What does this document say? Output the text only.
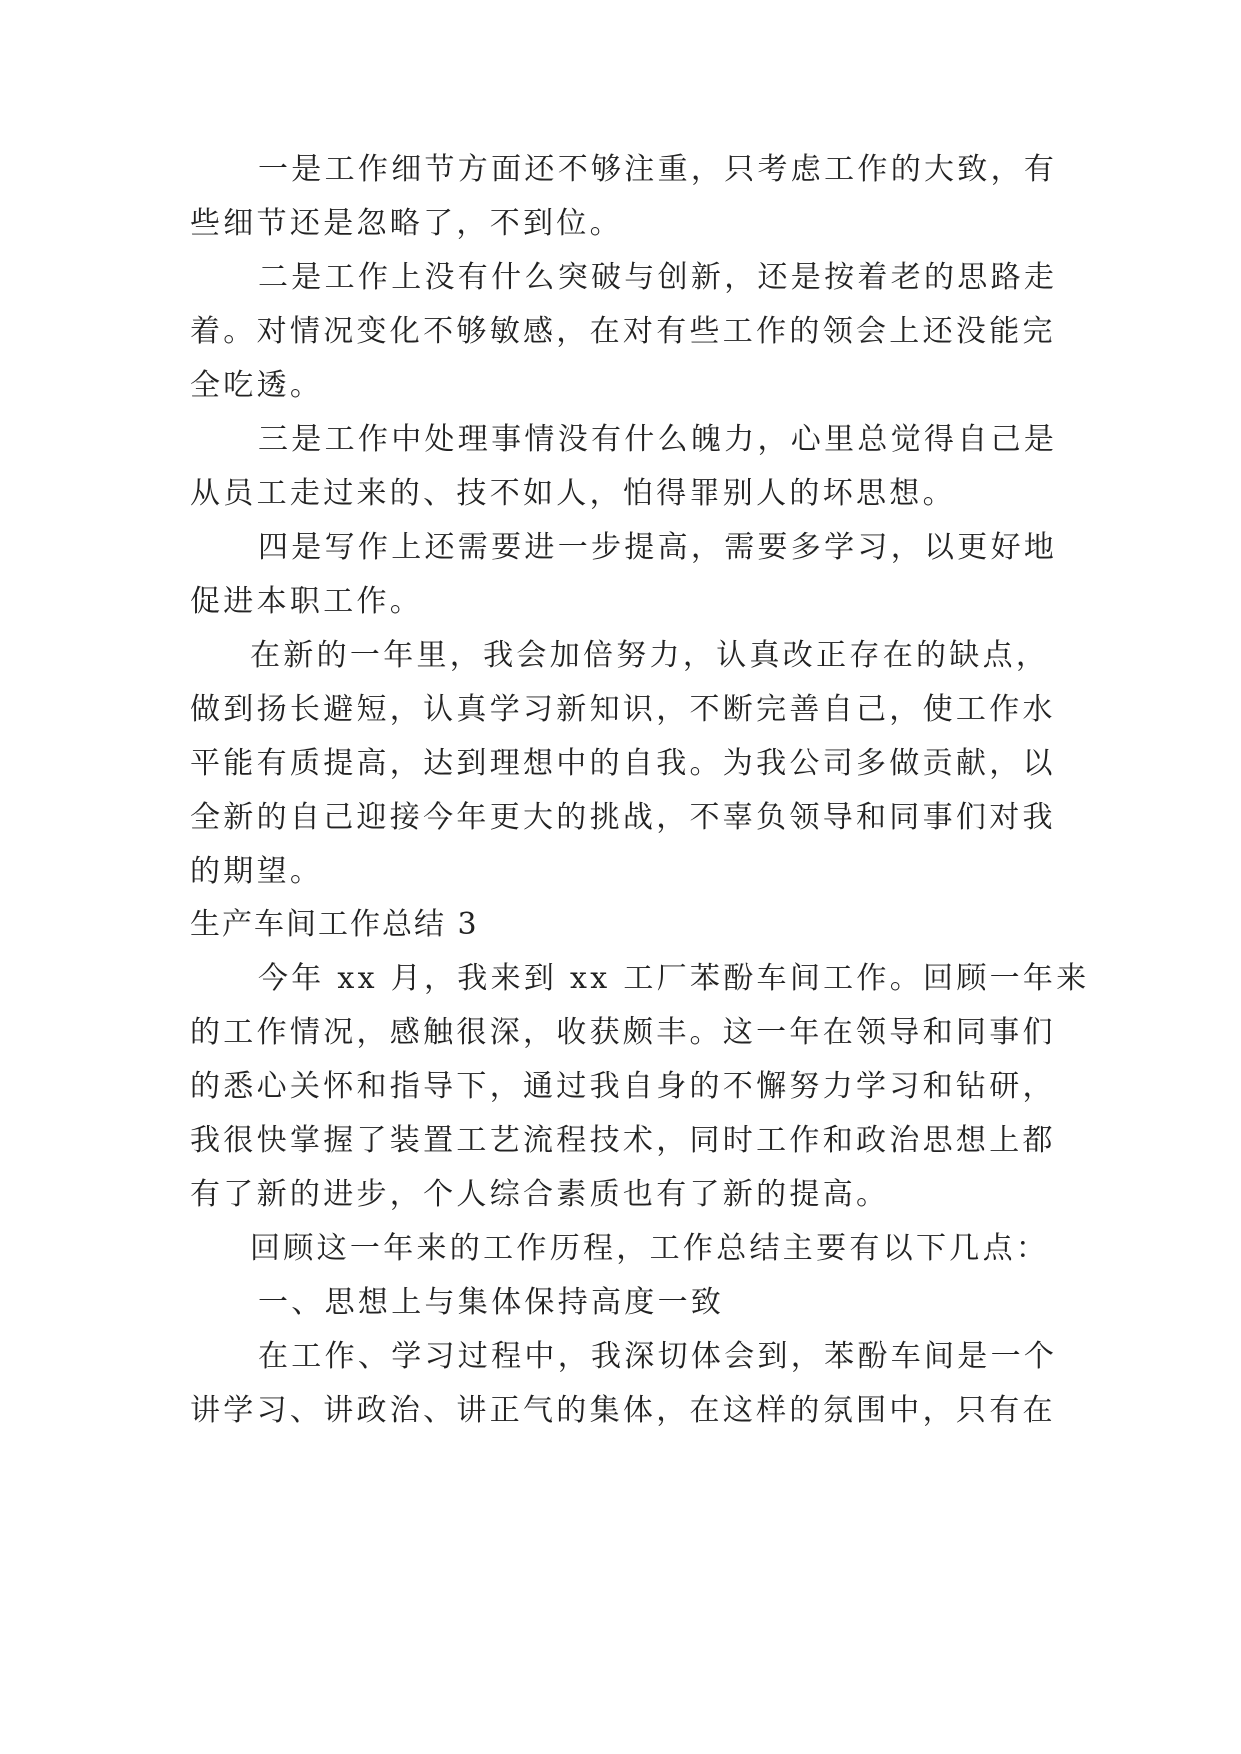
一是工作细节方面还不够注重，只考虑工作的大致，有
些细节还是忽略了，不到位。
二是工作上没有什么突破与创新，还是按着老的思路走
着。对情况变化不够敏感，在对有些工作的领会上还没能完
全吃透。
三是工作中处理事情没有什么魄力，心里总觉得自己是
从员工走过来的、技不如人，怕得罪别人的坏思想。
四是写作上还需要进一步提高，需要多学习，以更好地
促进本职工作。
在新的一年里，我会加倍努力，认真改正存在的缺点，
做到扬长避短，认真学习新知识，不断完善自己，使工作水
平能有质提高，达到理想中的自我。为我公司多做贡献，以
全新的自己迎接今年更大的挑战，不辜负领导和同事们对我
的期望。
生产车间工作总结 3
今年 xx 月，我来到 xx 工厂苯酚车间工作。回顾一年来
的工作情况，感触很深，收获颇丰。这一年在领导和同事们
的悉心关怀和指导下，通过我自身的不懈努力学习和钻研，
我很快掌握了装置工艺流程技术，同时工作和政治思想上都
有了新的进步，个人综合素质也有了新的提高。
回顾这一年来的工作历程，工作总结主要有以下几点：
一、思想上与集体保持高度一致
在工作、学习过程中，我深切体会到，苯酚车间是一个
讲学习、讲政治、讲正气的集体，在这样的氛围中，只有在
